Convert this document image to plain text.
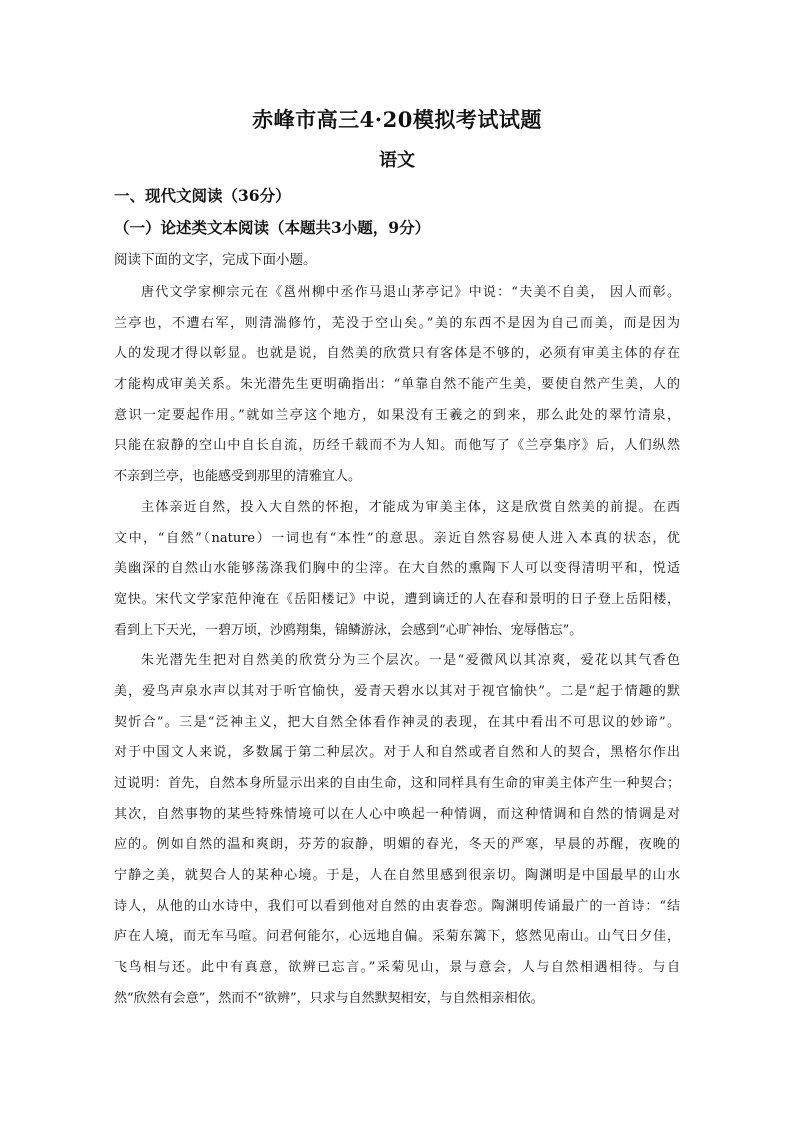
赤峰市高三4·20模拟考试试题
语文
一、现代文阅读（36分）
（一）论述类文本阅读（本题共3小题，9分）
阅读下面的文字，完成下面小题。
唐代文学家柳宗元在《邕州柳中丞作马退山茅亭记》中说：“夫美不自美， 因人而彰。
兰亭也，不遭右军，则清湍修竹，芜没于空山矣。”美的东西不是因为自己而美，而是因为
人的发现才得以彰显。也就是说，自然美的欣赏只有客体是不够的，必须有审美主体的存在
才能构成审美关系。朱光潜先生更明确指出：“单靠自然不能产生美，要使自然产生美，人的
意识一定要起作用。”就如兰亭这个地方，如果没有王羲之的到来，那么此处的翠竹清泉，
只能在寂静的空山中自长自流，历经千载而不为人知。而他写了《兰亭集序》后，人们纵然
不亲到兰亭，也能感受到那里的清雅宜人。
主体亲近自然，投入大自然的怀抱，才能成为审美主体，这是欣赏自然美的前提。在西
文中，“自然”（nature）一词也有“本性”的意思。亲近自然容易使人进入本真的状态，优
美幽深的自然山水能够荡涤我们胸中的尘滓。在大自然的熏陶下人可以变得清明平和，悦适
宽快。宋代文学家范仲淹在《岳阳楼记》中说，遭到谪迁的人在春和景明的日子登上岳阳楼，
看到上下天光，一碧万顷，沙鸥翔集，锦鳞游泳，会感到“心旷神怡、宠辱偕忘”。
朱光潜先生把对自然美的欣赏分为三个层次。一是“爱微风以其凉爽，爱花以其气香色
美，爱鸟声泉水声以其对于听官愉快，爱青天碧水以其对于视官愉快”。二是“起于情趣的默
契忻合”。三是“泛神主义，把大自然全体看作神灵的表现，在其中看出不可思议的妙谛”。
对于中国文人来说，多数属于第二种层次。对于人和自然或者自然和人的契合，黑格尔作出
过说明：首先，自然本身所显示出来的自由生命，这和同样具有生命的审美主体产生一种契合；
其次，自然事物的某些特殊情境可以在人心中唤起一种情调，而这种情调和自然的情调是对
应的。例如自然的温和爽朗，芬芳的寂静，明媚的春光，冬天的严寒，早晨的苏醒，夜晚的
宁静之美，就契合人的某种心境。于是，人在自然里感到很亲切。陶渊明是中国最早的山水
诗人，从他的山水诗中，我们可以看到他对自然的由衷眷恋。陶渊明传诵最广的一首诗：“结
庐在人境，而无车马喧。问君何能尔，心远地自偏。采菊东篱下，悠然见南山。山气日夕佳，
飞鸟相与还。此中有真意，欲辨已忘言。”采菊见山，景与意会，人与自然相遇相待。与自
然“欣然有会意”，然而不“欲辨”，只求与自然默契相安，与自然相亲相依。
